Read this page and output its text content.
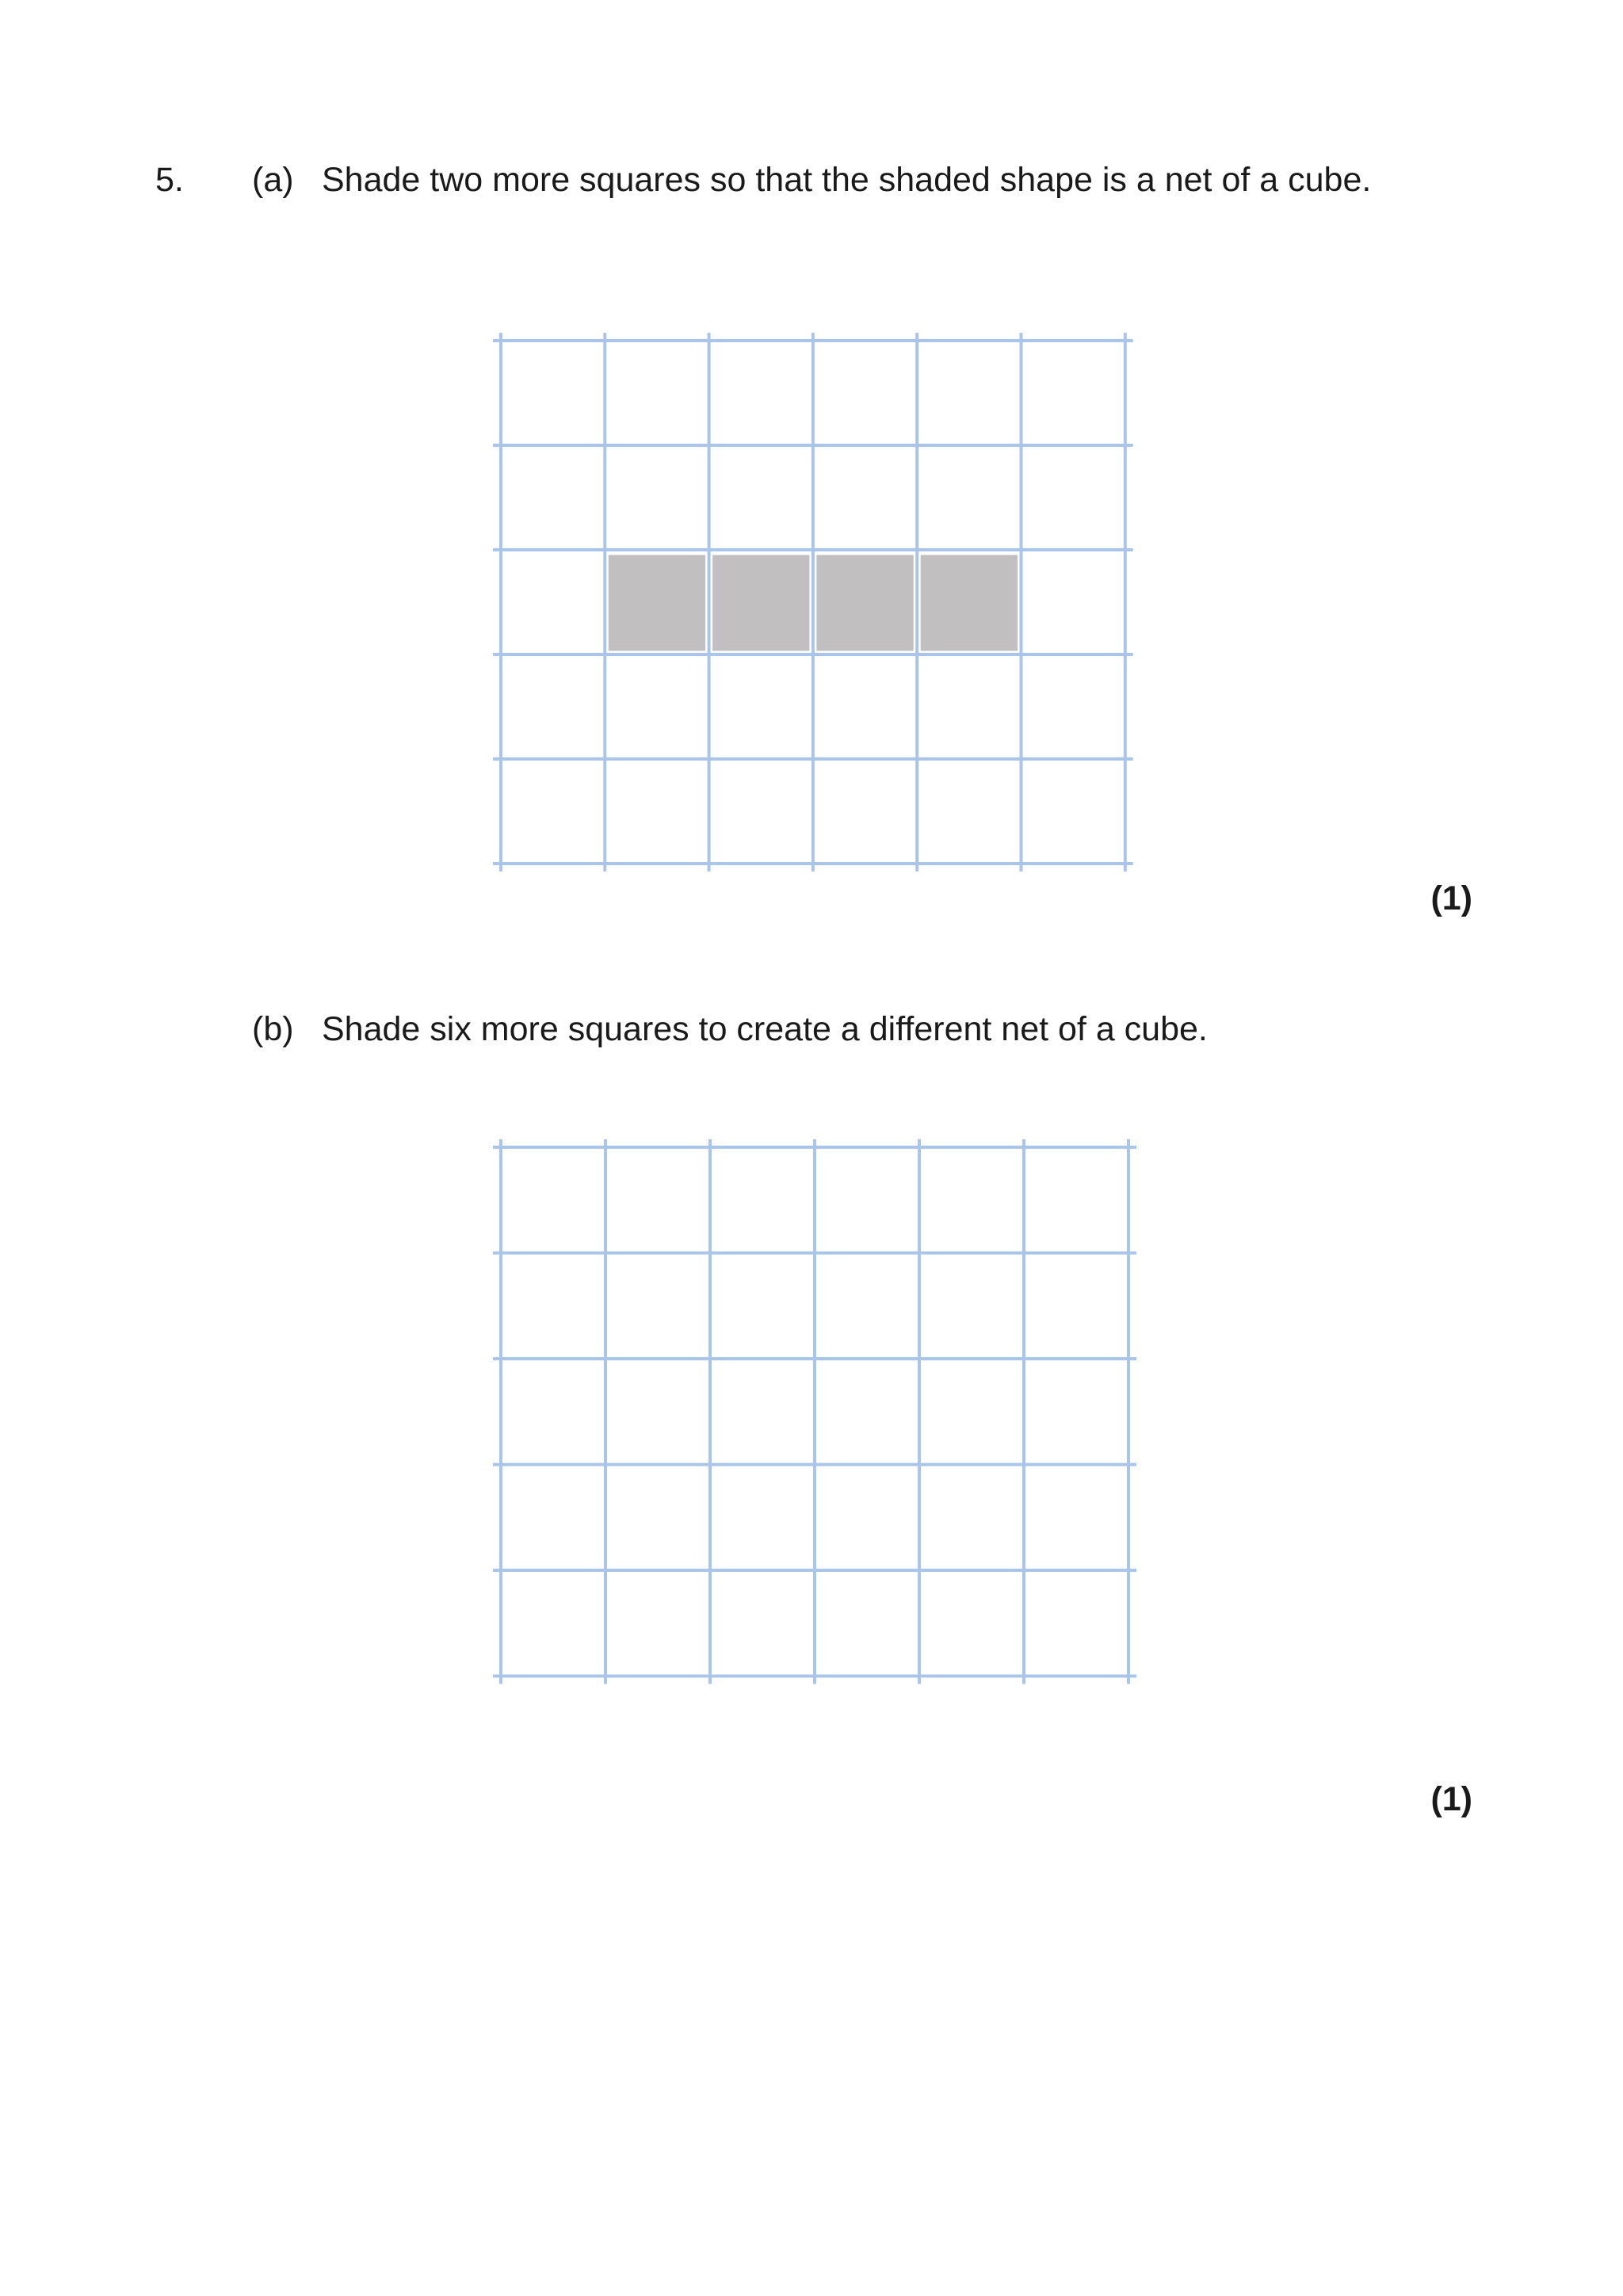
5. (a) Shade two more squares so that the shaded shape is a net of a cube.
(1)
(b) Shade six more squares to create a different net of a cube.
(1)
